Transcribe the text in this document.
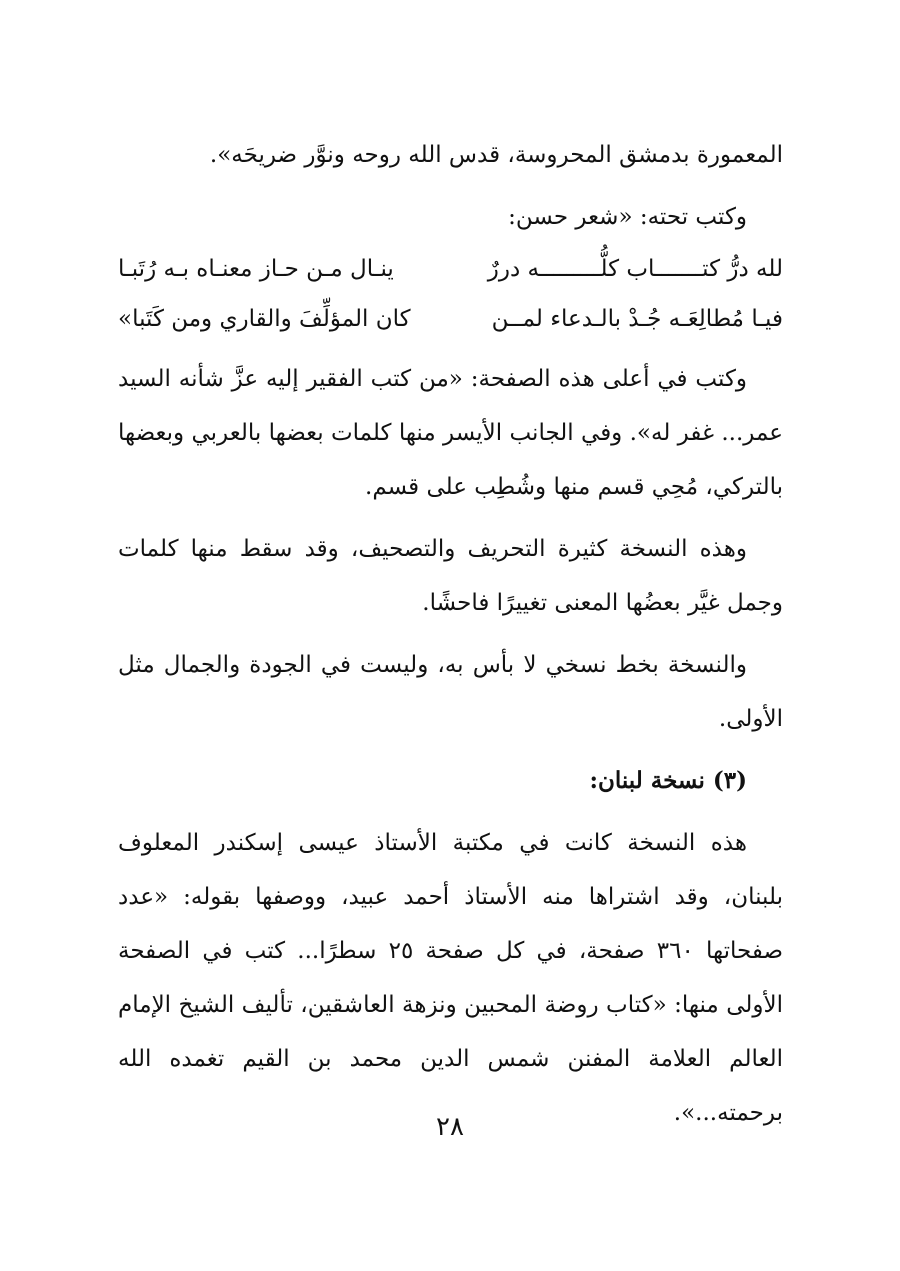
المعمورة بدمشق المحروسة، قدس الله روحه ونوَّر ضريحَه».

وكتب تحته: «شعر حسن:

لله درُّ كتـــــــاب كلُّـــــــــه دررٌ
ينـال مـن حـاز معنـاه بـه رُتَبـا
فيـا مُطالِعَـه جُـدْ بالـدعاء لمــن
كان المؤلِّفَ والقاري ومن كَتَبا»

وكتب في أعلى هذه الصفحة: «من كتب الفقير إليه عزَّ شأنه السيد عمر... غفر له». وفي الجانب الأيسر منها كلمات بعضها بالعربي وبعضها بالتركي، مُحِي قسم منها وشُطِب على قسم.

وهذه النسخة كثيرة التحريف والتصحيف، وقد سقط منها كلمات وجمل غيَّر بعضُها المعنى تغييرًا فاحشًا.

والنسخة بخط نسخي لا بأس به، وليست في الجودة والجمال مثل الأولى.

(٣) نسخة لبنان:

هذه النسخة كانت في مكتبة الأستاذ عيسى إسكندر المعلوف بلبنان، وقد اشتراها منه الأستاذ أحمد عبيد، ووصفها بقوله: «عدد صفحاتها ٣٦٠ صفحة، في كل صفحة ٢٥ سطرًا... كتب في الصفحة الأولى منها: «كتاب روضة المحبين ونزهة العاشقين، تأليف الشيخ الإمام العالم العلامة المفنن شمس الدين محمد بن القيم تغمده الله برحمته...».

٢٨
